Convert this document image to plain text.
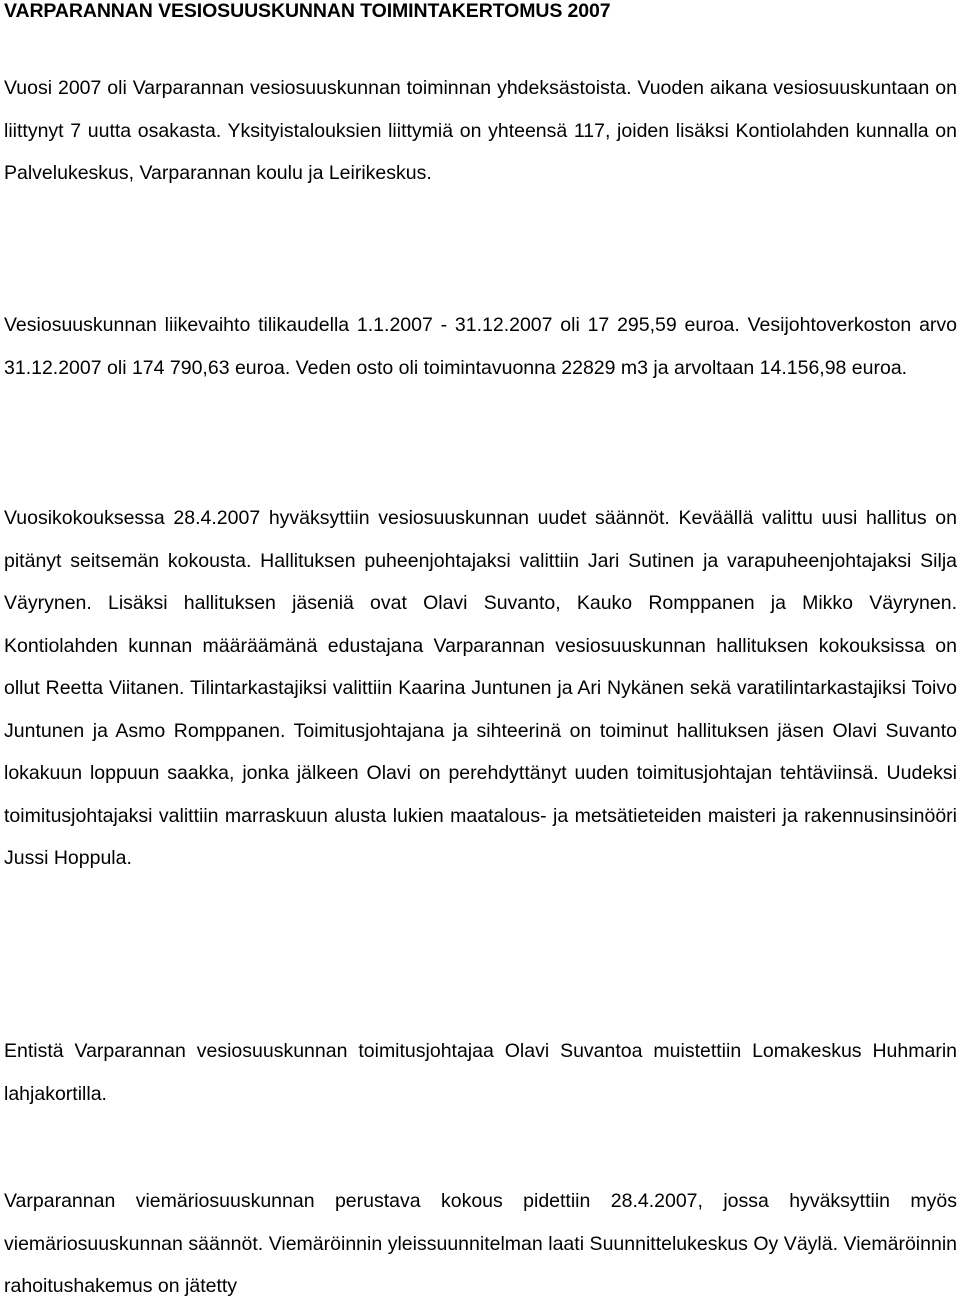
VARPARANNAN VESIOSUUSKUNNAN TOIMINTAKERTOMUS 2007

Vuosi 2007 oli Varparannan vesiosuuskunnan toiminnan yhdeksästoista. Vuoden aikana vesiosuuskuntaan on liittynyt 7 uutta osakasta. Yksityistalouksien liittymiä on yhteensä 117, joiden lisäksi Kontiolahden kunnalla on Palvelukeskus, Varparannan koulu ja Leirikeskus.

Vesiosuuskunnan liikevaihto tilikaudella 1.1.2007 - 31.12.2007 oli 17 295,59 euroa. Vesijohtoverkoston arvo 31.12.2007 oli 174 790,63 euroa. Veden osto oli toimintavuonna 22829 m3 ja arvoltaan 14.156,98 euroa.

Vuosikokouksessa 28.4.2007 hyväksyttiin vesiosuuskunnan uudet säännöt. Keväällä valittu uusi hallitus on pitänyt seitsemän kokousta. Hallituksen puheenjohtajaksi valittiin Jari Sutinen ja varapuheenjohtajaksi Silja Väyrynen. Lisäksi hallituksen jäseniä ovat Olavi Suvanto, Kauko Romppanen ja Mikko Väyrynen. Kontiolahden kunnan määräämänä edustajana Varparannan vesiosuuskunnan hallituksen kokouksissa on ollut Reetta Viitanen. Tilintarkastajiksi valittiin Kaarina Juntunen ja Ari Nykänen sekä varatilintarkastajiksi Toivo Juntunen ja Asmo Romppanen. Toimitusjohtajana ja sihteerinä on toiminut hallituksen jäsen Olavi Suvanto lokakuun loppuun saakka, jonka jälkeen Olavi on perehdyttänyt uuden toimitusjohtajan tehtäviinsä. Uudeksi toimitusjohtajaksi valittiin marraskuun alusta lukien maatalous- ja metsätieteiden maisteri ja rakennusinsinööri Jussi Hoppula.

Entistä Varparannan vesiosuuskunnan toimitusjohtajaa Olavi Suvantoa muistettiin Lomakeskus Huhmarin lahjakortilla.

Varparannan viemäriosuuskunnan perustava kokous pidettiin 28.4.2007, jossa hyväksyttiin myös viemäriosuuskunnan säännöt. Viemäröinnin yleissuunnitelman laati Suunnittelukeskus Oy Väylä. Viemäröinnin rahoitushakemus on jätetty
